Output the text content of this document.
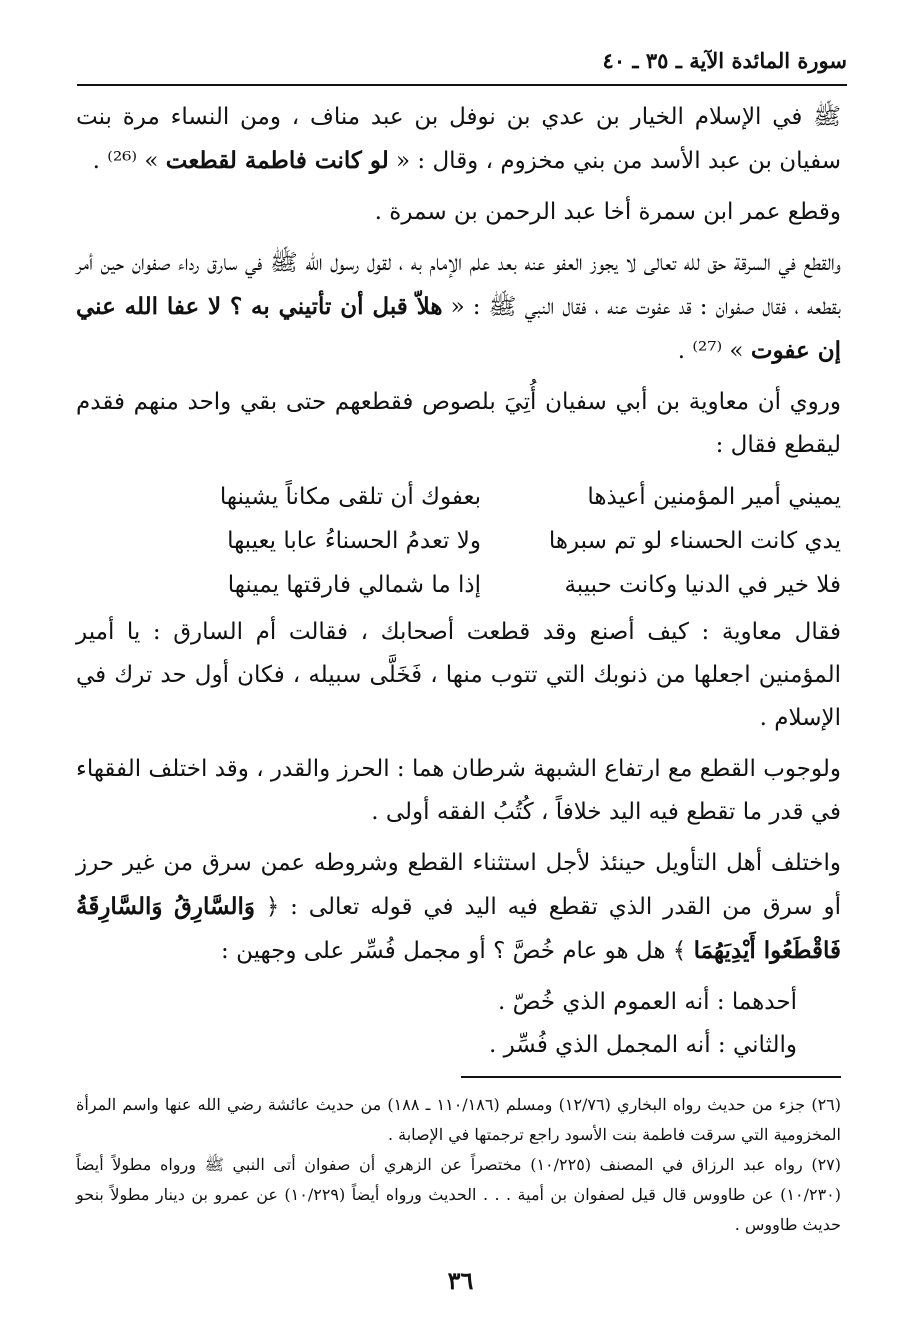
سورة المائدة الآية ـ ٣٥ ـ ٤٠

ﷺ في الإسلام الخيار بن عدي بن نوفل بن عبد مناف ، ومن النساء مرة بنت سفيان بن عبد الأسد من بني مخزوم ، وقال : « لو كانت فاطمة لقطعت » ⁽²⁶⁾ .

وقطع عمر ابن سمرة أخا عبد الرحمن بن سمرة .

والقطع في السرقة حق لله تعالى لا يجوز العفو عنه بعد علم الإمام به ، لقول رسول الله ﷺ في سارق رداء صفوان حين أمر بقطعه ، فقال صفوان : قد عفوت عنه ، فقال النبي ﷺ : « هلاّ قبل أن تأتيني به ؟ لا عفا الله عني إن عفوت » ⁽²⁷⁾ .

وروي أن معاوية بن أبي سفيان أُتِيَ بلصوص فقطعهم حتى بقي واحد منهم فقدم ليقطع فقال :

يميني أمير المؤمنين أعيذها
بعفوك أن تلقى مكاناً يشينها
يدي كانت الحسناء لو تم سبرها
ولا تعدمُ الحسناءُ عابا يعيبها
فلا خير في الدنيا وكانت حبيبة
إذا ما شمالي فارقتها يمينها

فقال معاوية : كيف أصنع وقد قطعت أصحابك ، فقالت أم السارق : يا أمير المؤمنين اجعلها من ذنوبك التي تتوب منها ، فَخَلَّى سبيله ، فكان أول حد ترك في الإسلام .

ولوجوب القطع مع ارتفاع الشبهة شرطان هما : الحرز والقدر ، وقد اختلف الفقهاء في قدر ما تقطع فيه اليد خلافاً ، كُتُبُ الفقه أولى .

واختلف أهل التأويل حينئذ لأجل استثناء القطع وشروطه عمن سرق من غير حرز أو سرق من القدر الذي تقطع فيه اليد في قوله تعالى : ﴿ وَالسَّارِقُ وَالسَّارِقَةُ فَاقْطَعُوا أَيْدِيَهُمَا ﴾ هل هو عام خُصَّ ؟ أو مجمل فُسِّر على وجهين :

أحدهما : أنه العموم الذي خُصّ .

والثاني : أنه المجمل الذي فُسِّر .

(٢٦) جزء من حديث رواه البخاري (١٢/٧٦) ومسلم (١١٠/١٨٦ ـ ١٨٨) من حديث عائشة رضي الله عنها واسم المرأة المخزومية التي سرقت فاطمة بنت الأسود راجع ترجمتها في الإصابة .

(٢٧) رواه عبد الرزاق في المصنف (١٠/٢٢٥) مختصراً عن الزهري أن صفوان أتى النبي ﷺ ورواه مطولاً أيضاً (١٠/٢٣٠) عن طاووس قال قيل لصفوان بن أمية . . . الحديث ورواه أيضاً (١٠/٢٢٩) عن عمرو بن دينار مطولاً بنحو حديث طاووس .

٣٦
